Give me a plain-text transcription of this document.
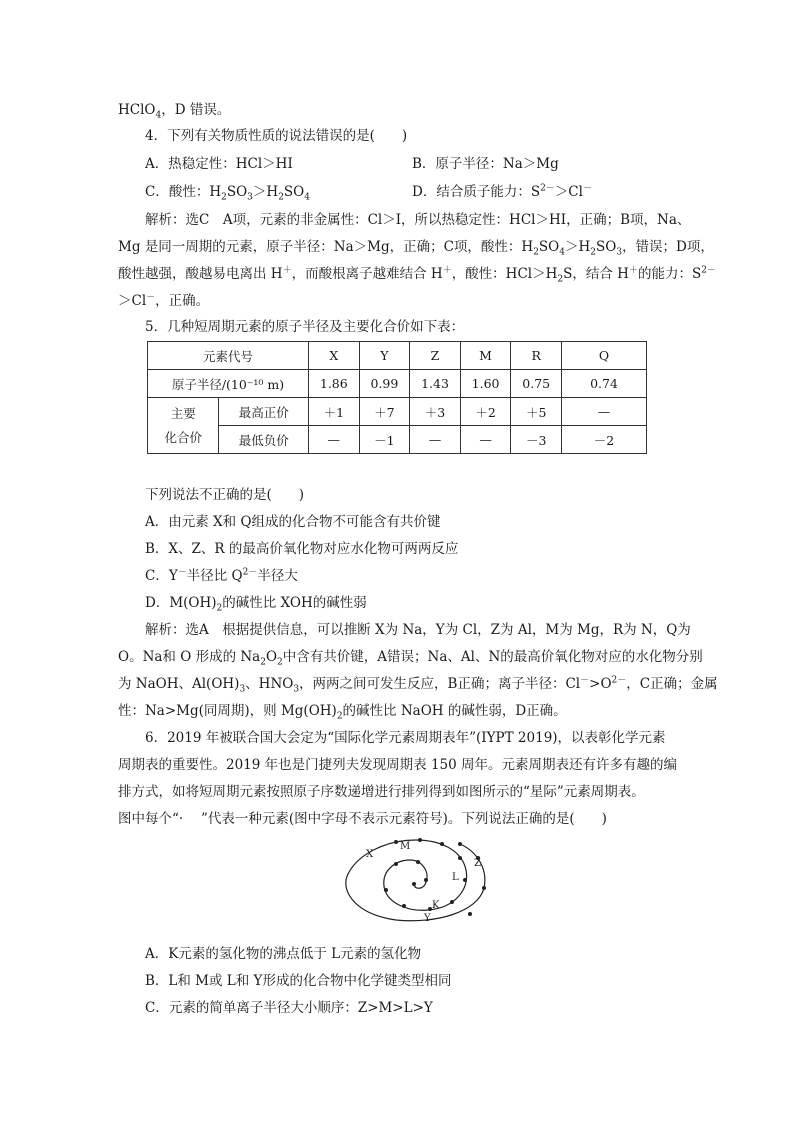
HClO$_4$，D 错误。
4．下列有关物质性质的说法错误的是(　　)
A．热稳定性：HCl＞HI	B．原子半径：Na＞Mg
C．酸性：$H_2SO_3>H_2SO_4$	D．结合质子能力：$S^{2-}>Cl^-$
解析：选C　A项，元素的非金属性：Cl＞I，所以热稳定性：HCl＞HI，正确；B项，Na、
Mg 是同一周期的元素，原子半径：Na＞Mg，正确；C项，酸性：$H_2SO_4>H_2SO_3$，错误；D项，
酸性越强，酸越易电离出 H＋，而酸根离子越难结合 H＋，酸性：$HCl>H_2S$，结合 H＋的能力：$S^{2-}$
＞Cl－，正确。
5．几种短周期元素的原子半径及主要化合价如下表：
元素代号		X	Y	Z	M	R	Q
原子半径/(10⁻¹⁰ m)		1.86	0.99	1.43	1.60	0.75	0.74
主要
化合价	最高正价	＋1	＋7	＋3	＋2	＋5	—
	最低负价	—	－1	—	—	－3	－2
下列说法不正确的是(　　)
A．由元素 X和 Q组成的化合物不可能含有共价键
B．X、Z、R 的最高价氧化物对应水化物可两两反应
C．Y－半径比 $Q^{2-}$半径大
D．$M(OH)_2$的碱性比 XOH的碱性弱
解析：选A　根据提供信息，可以推断 X为 Na，Y为 Cl，Z为 Al，M为 Mg，R为 N，Q为
O。Na和 O 形成的 $Na_2O_2$中含有共价键，A错误；Na、Al、N的最高价氧化物对应的水化物分别
为 NaOH、$Al(OH)_3$、$HNO_3$，两两之间可发生反应，B正确；离子半径：$Cl^->O^{2-}$，C正确；金属
性：Na>Mg(同周期)，则 $Mg(OH)_2$的碱性比 NaOH 的碱性弱，D正确。
6．2019 年被联合国大会定为“国际化学元素周期表年”(IYPT 2019)，以表彰化学元素
周期表的重要性。2019 年也是门捷列夫发现周期表 150 周年。元素周期表还有许多有趣的编
排方式，如将短周期元素按照原子序数递增进行排列得到如图所示的“星际”元素周期表。
图中每个“·　 ”代表一种元素(图中字母不表示元素符号)。下列说法正确的是(　　)
X
M
Z
L
K
Y
A．K元素的氢化物的沸点低于 L元素的氢化物
B．L和 M或 L和 Y形成的化合物中化学键类型相同
C．元素的简单离子半径大小顺序：Z>M>L>Y
